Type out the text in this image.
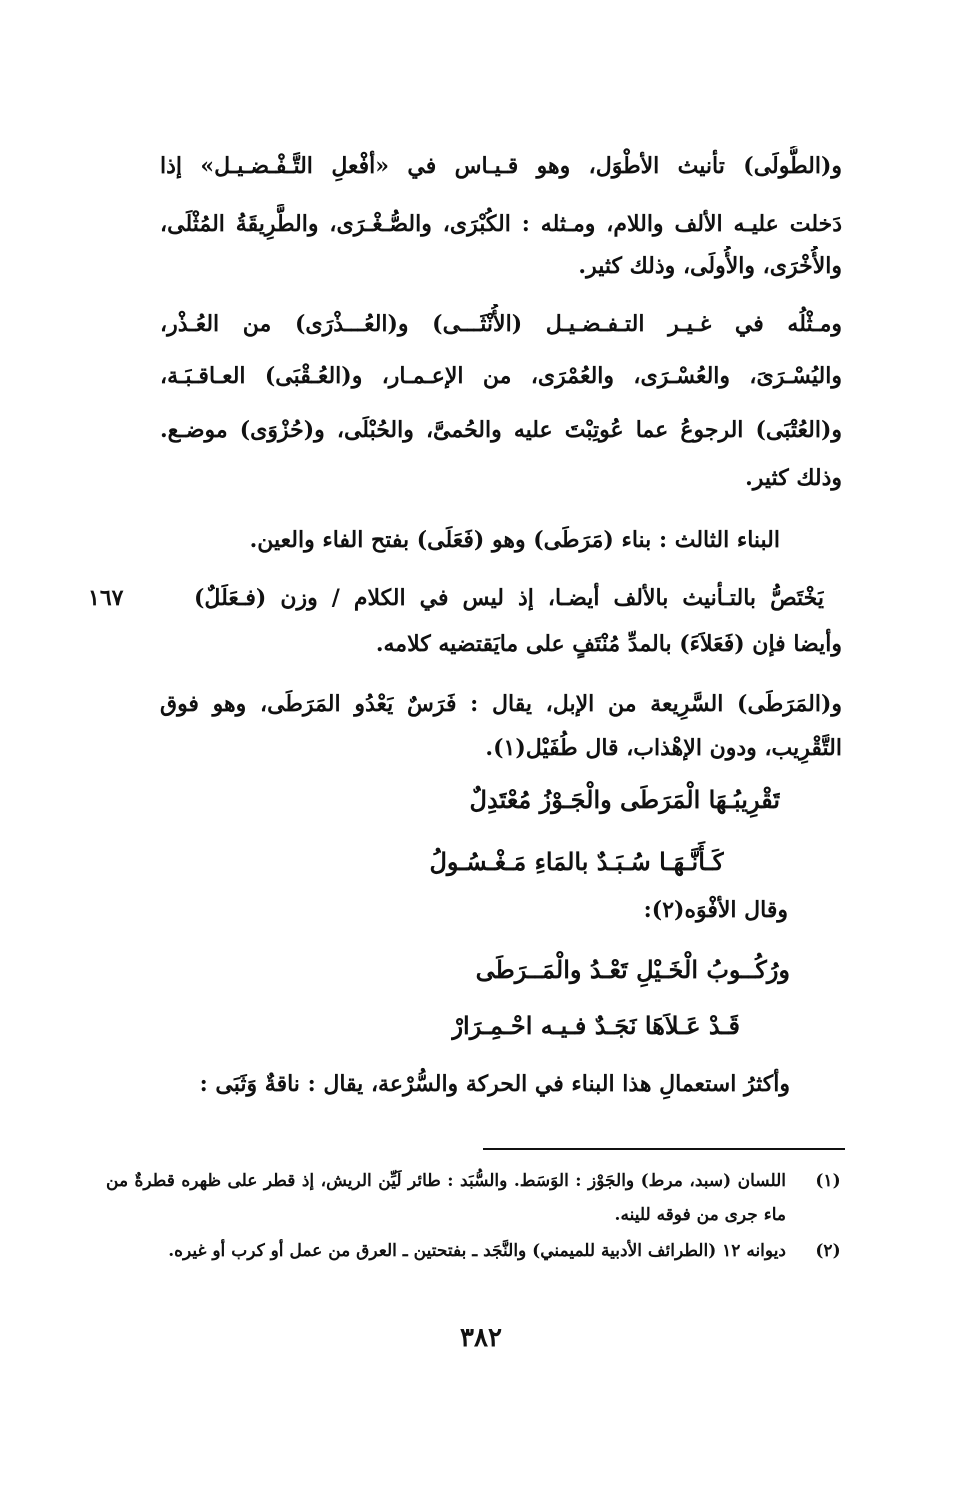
و(الطُّولَى) تأنيث الأطْوَل، وهو قـيـاس في «أفْعلِ التَّـفْـضـيـل» إذا
دَخلت عليـه الألف واللام، ومـثله : الكُبْرَى، والصُّـغْـرَى، والطَّرِيقَةُ المُثْلَى،
والأُخْرَى، والأُولَى، وذلك كثير.
ومـثْلُه في غـيـر التـفـضـيـل (الأُنْثَـــى) و(العُـــذْرَى) من العُـذْر،
واليُسْـرَىَ، والعُسْـرَى، والعُمْرَى، من الإعـمـار، و(العُـقْبَى) العـاقـبَـة،
و(العُتْبَى) الرجوعُ عما عُوتِبْتَ عليه والحُمىَّ، والحُبْلَى، و(حُزْوَى) موضـع.
وذلك كثير.
البناء الثالث : بناء (مَرَطَى) وهو (فَعَلَى) بفتح الفاء والعين.
يَخْتَصُّ بالتـأنيث بالألف أيضـا، إذ ليس في الكلام / وزن (فـعَلَلٌ)
وأيضا فإن (فَعَلاَءَ) بالمدِّ مُنْتَفٍ على مايَقتضيه كلامه.
١٦٧
و(المَرَطَى) السَّرِيعة من الإبل، يقال : فَرَسٌ يَعْدُو المَرَطَى، وهو فوق
التَّقْرِيب، ودون الإهْذاب، قال طُفَيْل(١).
تَقْرِيبُـهَا الْمَرَطَى والْجَـوْزُ مُعْتَدِلٌ
كَـأَنَّـهَـا سُـبَـدٌ بالمَاءِ مَـغْـسُـولُ
وقال الأفْوَه(٢):
ورُكُــوبُ الْخَـيْلِ تَعْـدُ والْمَــرَطَى
قَـدْ عَـلاَهَا نَجَـدٌ فـيـه احْـمِـرَارْ
وأكثرُ استعمالِ هذا البناء في الحركة والسُّرْعة، يقال : ناقةٌ وَثَبَى :
(١)
اللسان (سبد، مرط) والجَوْز : الوَسَط. والسُّبَد : طائر لَيِّن الريش، إذ قطر على ظهره قطرةٌ من
ماء جرى من فوقه للينه.
(٢)
ديوانه ١٢ (الطرائف الأدبية للميمني) والنَّجَد ـ بفتحتين ـ العرق من عمل أو كرب أو غيره.
٣٨٢
